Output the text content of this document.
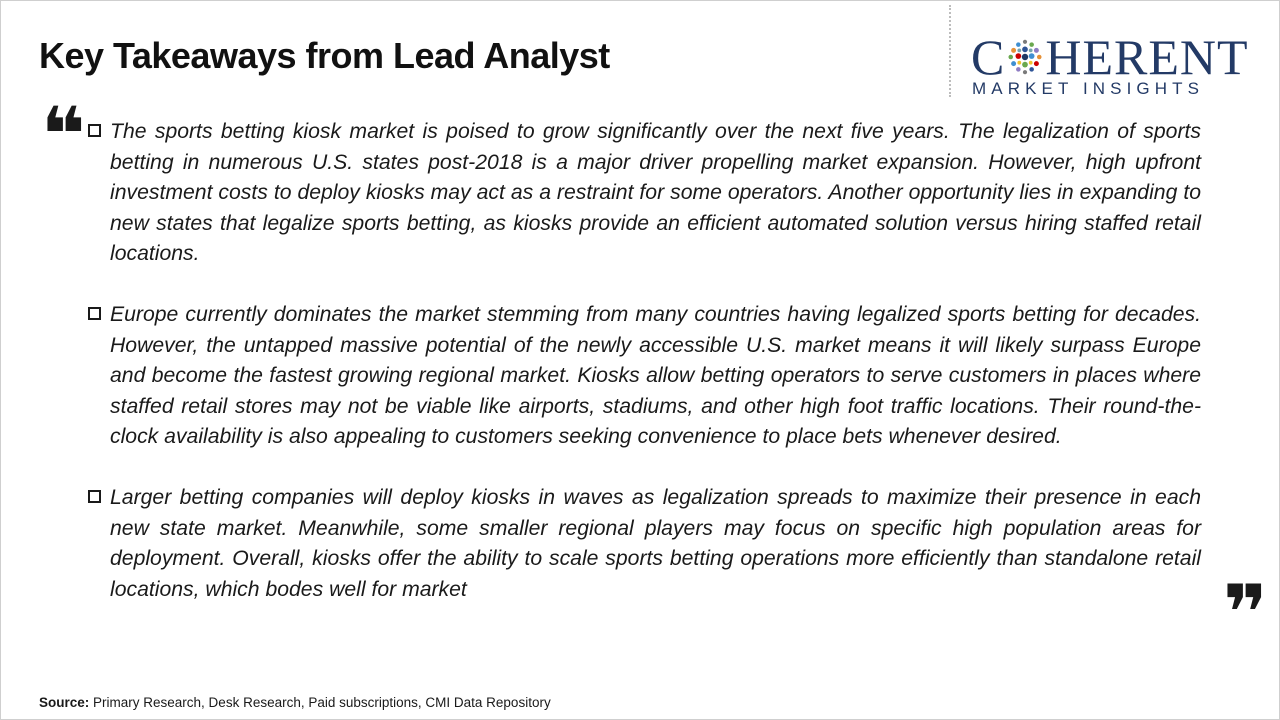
Key Takeaways from Lead Analyst	C HERENT
MARKET INSIGHTS
❝ The sports betting kiosk market is poised to grow significantly over the next five years. The legalization of sports betting in numerous U.S. states post-2018 is a major driver propelling market expansion. However, high upfront investment costs to deploy kiosks may act as a restraint for some operators. Another opportunity lies in expanding to new states that legalize sports betting, as kiosks provide an efficient automated solution versus hiring staffed retail locations.
Europe currently dominates the market stemming from many countries having legalized sports betting for decades. However, the untapped massive potential of the newly accessible U.S. market means it will likely surpass Europe and become the fastest growing regional market. Kiosks allow betting operators to serve customers in places where staffed retail stores may not be viable like airports, stadiums, and other high foot traffic locations. Their round-the-clock availability is also appealing to customers seeking convenience to place bets whenever desired.
Larger betting companies will deploy kiosks in waves as legalization spreads to maximize their presence in each new state market. Meanwhile, some smaller regional players may focus on specific high population areas for deployment. Overall, kiosks offer the ability to scale sports betting operations more efficiently than standalone retail locations, which bodes well for market	❞
Source: Primary Research, Desk Research, Paid subscriptions, CMI Data Repository
